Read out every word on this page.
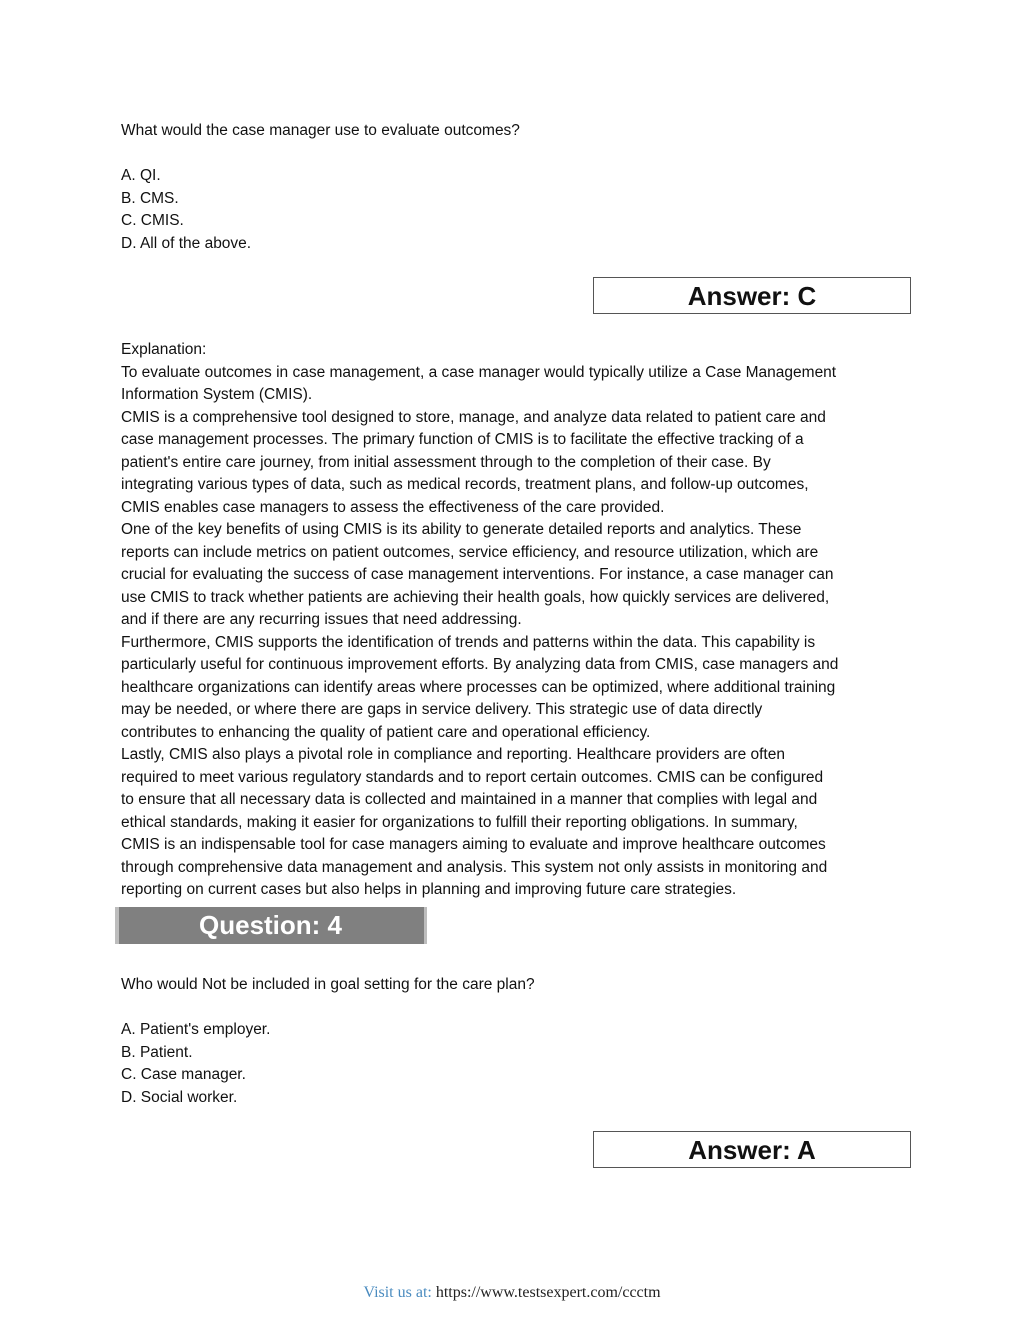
What would the case manager use to evaluate outcomes?

A. QI.

B. CMS.

C. CMIS.

D. All of the above.

Answer: C

Explanation:

To evaluate outcomes in case management, a case manager would typically utilize a Case Management

Information System (CMIS).

CMIS is a comprehensive tool designed to store, manage, and analyze data related to patient care and

case management processes. The primary function of CMIS is to facilitate the effective tracking of a

patient's entire care journey, from initial assessment through to the completion of their case. By

integrating various types of data, such as medical records, treatment plans, and follow-up outcomes,

CMIS enables case managers to assess the effectiveness of the care provided.

One of the key benefits of using CMIS is its ability to generate detailed reports and analytics. These

reports can include metrics on patient outcomes, service efficiency, and resource utilization, which are

crucial for evaluating the success of case management interventions. For instance, a case manager can

use CMIS to track whether patients are achieving their health goals, how quickly services are delivered,

and if there are any recurring issues that need addressing.

Furthermore, CMIS supports the identification of trends and patterns within the data. This capability is

particularly useful for continuous improvement efforts. By analyzing data from CMIS, case managers and

healthcare organizations can identify areas where processes can be optimized, where additional training

may be needed, or where there are gaps in service delivery. This strategic use of data directly

contributes to enhancing the quality of patient care and operational efficiency.

Lastly, CMIS also plays a pivotal role in compliance and reporting. Healthcare providers are often

required to meet various regulatory standards and to report certain outcomes. CMIS can be configured

to ensure that all necessary data is collected and maintained in a manner that complies with legal and

ethical standards, making it easier for organizations to fulfill their reporting obligations. In summary,

CMIS is an indispensable tool for case managers aiming to evaluate and improve healthcare outcomes

through comprehensive data management and analysis. This system not only assists in monitoring and

reporting on current cases but also helps in planning and improving future care strategies.

Question: 4

Who would Not be included in goal setting for the care plan?

A. Patient's employer.

B. Patient.

C. Case manager.

D. Social worker.

Answer: A
Visit us at: https://www.testsexpert.com/ccctm
